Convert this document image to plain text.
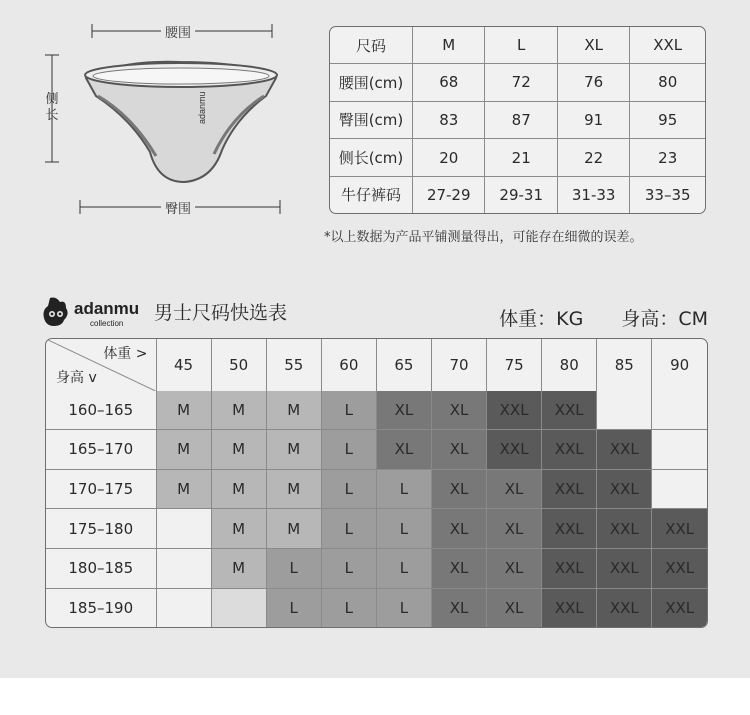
adanmu
腰围
臀围
侧长
尺码	M	L	XL	XXL
腰围(cm)	68	72	76	80
臀围(cm)	83	87	91	95
侧长(cm)	20	21	22	23
牛仔裤码	27-29	29-31	31-33	33–35
*以上数据为产品平铺测量得出，可能存在细微的误差。
adanmu
collection 男士尺码快选表	体重：KG 身高：CM
体重 >
身高 v	45	50	55	60	65	70	75	80	85	90
160–165	M	M	M	L	XL	XL	XXL	XXL		
165–170	M	M	M	L	XL	XL	XXL	XXL	XXL	
170–175	M	M	M	L	L	XL	XL	XXL	XXL	
175–180		M	M	L	L	XL	XL	XXL	XXL	XXL
180–185		M	L	L	L	XL	XL	XXL	XXL	XXL
185–190			L	L	L	XL	XL	XXL	XXL	XXL
